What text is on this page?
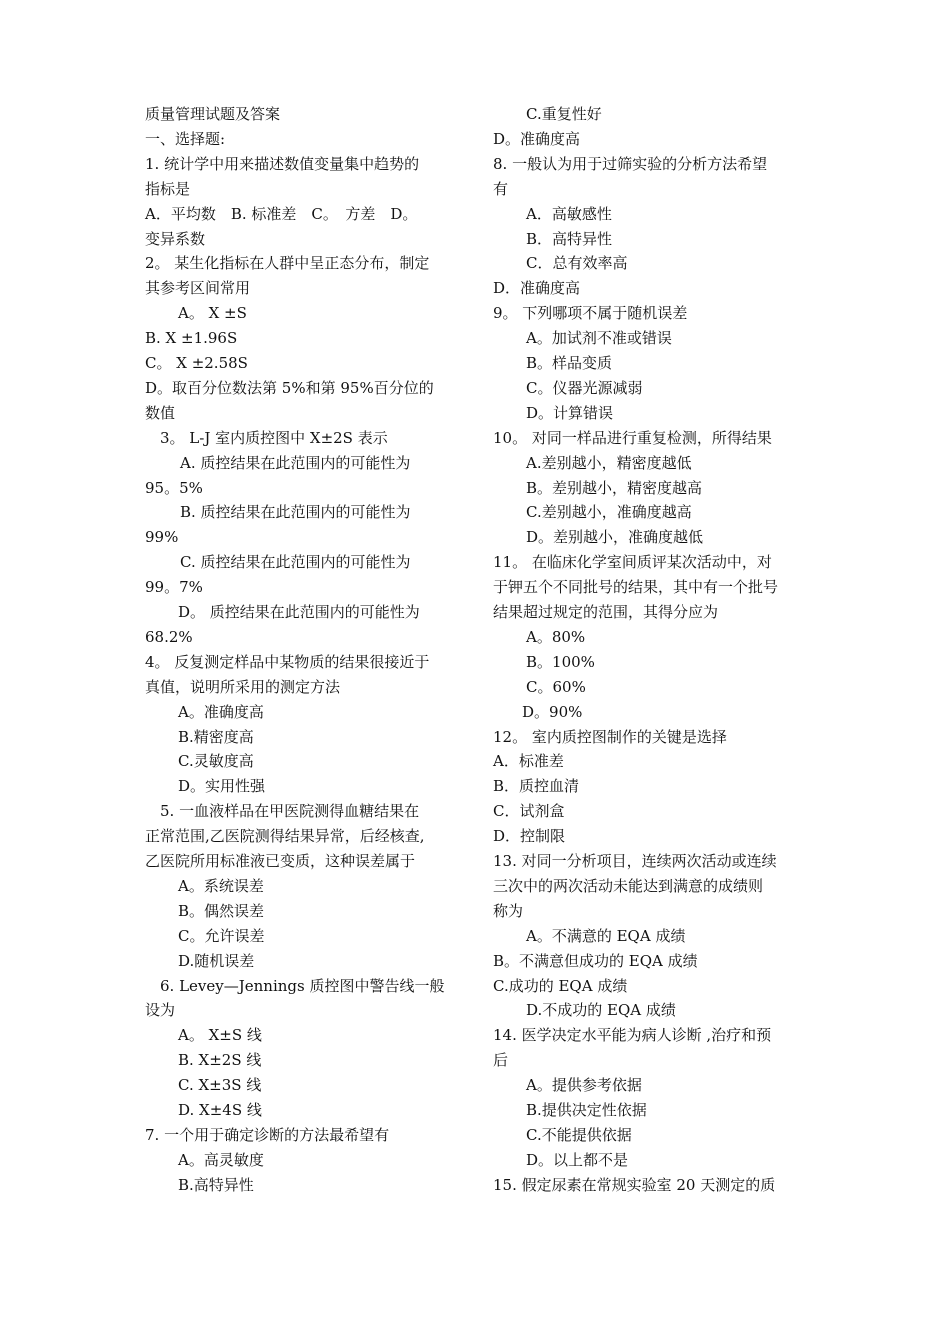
质量管理试题及答案
一、选择题:
1. 统计学中用来描述数值变量集中趋势的
指标是
A．平均数　B. 标准差　C。　方差　D。
变异系数
2。 某生化指标在人群中呈正态分布，制定
其参考区间常用
A。 X ±S
B. X ±1.96S
C。 X ±2.58S
D。取百分位数法第 5%和第 95%百分位的
数值
3。 L-J 室内质控图中 X±2S 表示
A. 质控结果在此范围内的可能性为
95。5%
B. 质控结果在此范围内的可能性为
99%
C. 质控结果在此范围内的可能性为
99。7%
D。 质控结果在此范围内的可能性为
68.2%
4。 反复测定样品中某物质的结果很接近于
真值，说明所采用的测定方法
A。准确度高
B.精密度高
C.灵敏度高
D。实用性强
5. 一血液样品在甲医院测得血糖结果在
正常范围,乙医院测得结果异常，后经核查,
乙医院所用标准液已变质，这种误差属于
A。系统误差
B。偶然误差
C。允许误差
D.随机误差
6. Levey—Jennings 质控图中警告线一般
设为
A。 X±S 线
B. X±2S 线
C. X±3S 线
D. X±4S 线
7. 一个用于确定诊断的方法最希望有
A。高灵敏度
B.高特异性
C.重复性好
D。准确度高
8. 一般认为用于过筛实验的分析方法希望
有
A．高敏感性
B．高特异性
C．总有效率高
D．准确度高
9。 下列哪项不属于随机误差
A。加试剂不准或错误
B。样品变质
C。仪器光源减弱
D。计算错误
10。 对同一样品进行重复检测，所得结果
A.差别越小，精密度越低
B。差别越小，精密度越高
C.差别越小，准确度越高
D。差别越小，准确度越低
11。 在临床化学室间质评某次活动中，对
于钾五个不同批号的结果，其中有一个批号
结果超过规定的范围，其得分应为
A。80%
B。100%
C。60%
D。90%
12。 室内质控图制作的关键是选择
A．标准差
B．质控血清
C．试剂盒
D．控制限
13. 对同一分析项目，连续两次活动或连续
三次中的两次活动未能达到满意的成绩则
称为
A。不满意的 EQA 成绩
B。不满意但成功的 EQA 成绩
C.成功的 EQA 成绩
D.不成功的 EQA 成绩
14. 医学决定水平能为病人诊断 ,治疗和预
后
A。提供参考依据
B.提供决定性依据
C.不能提供依据
D。以上都不是
15. 假定尿素在常规实验室 20 天测定的质
